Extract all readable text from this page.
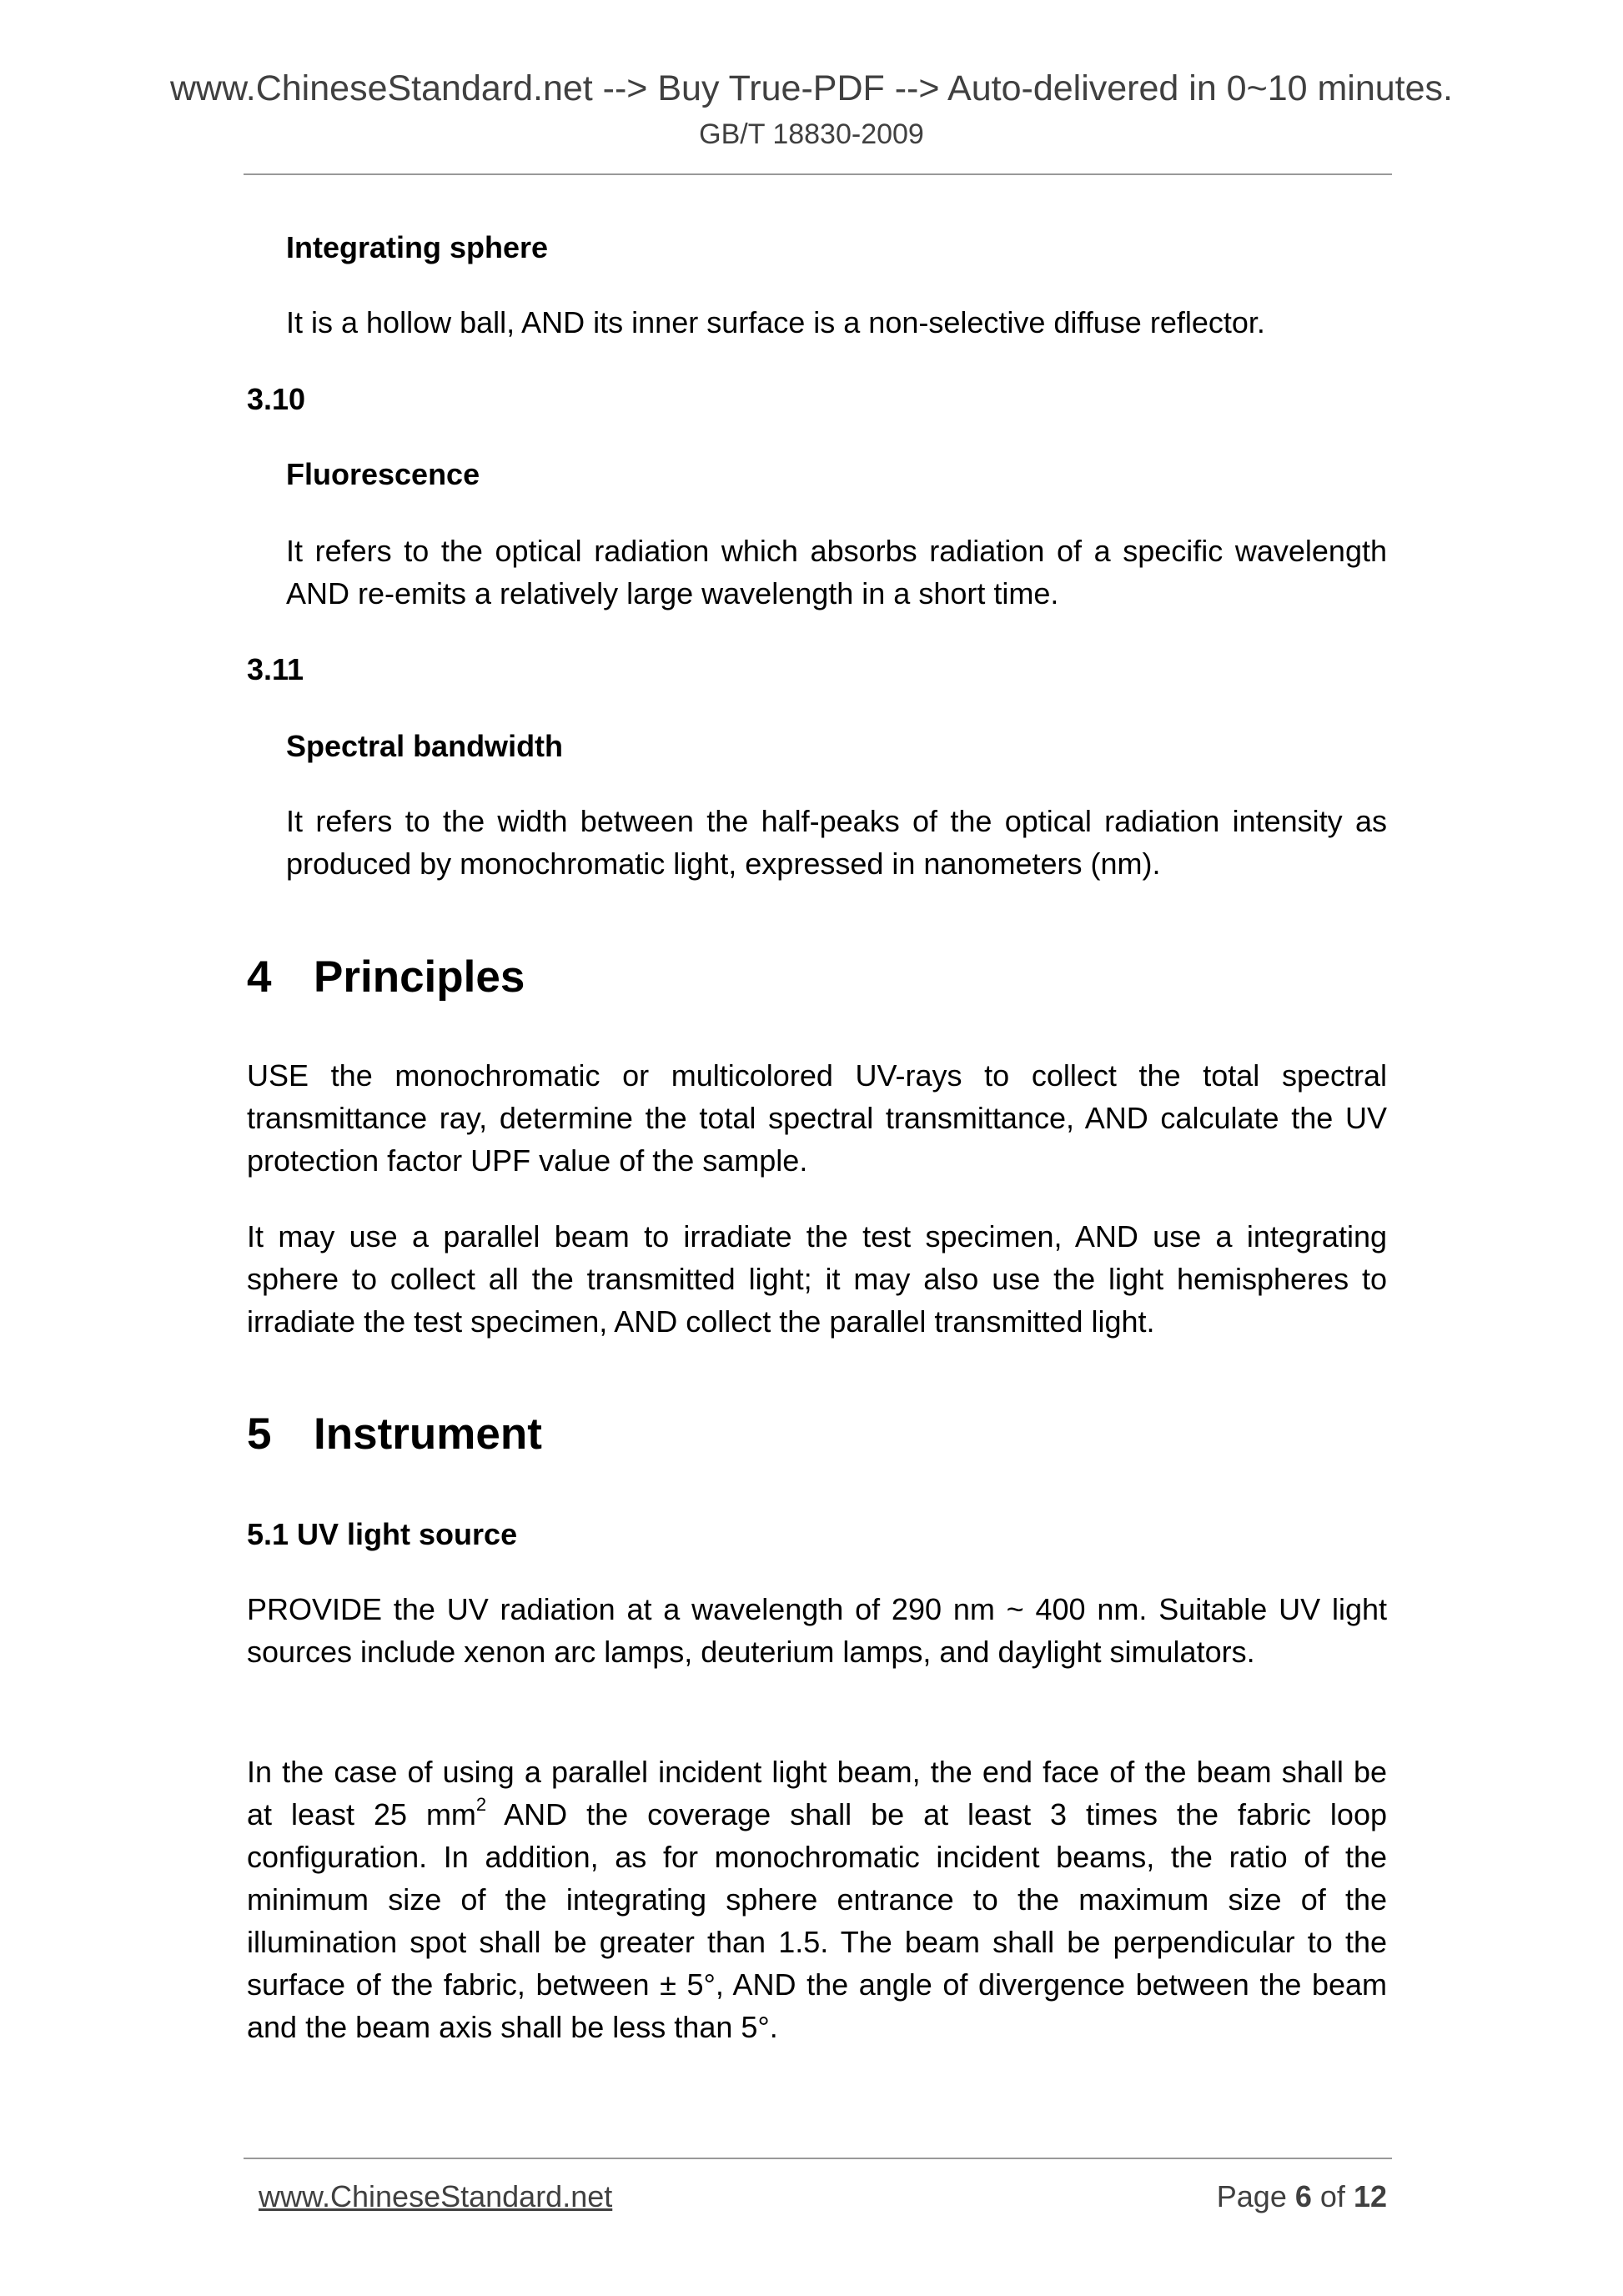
www.ChineseStandard.net --> Buy True-PDF --> Auto-delivered in 0~10 minutes.
GB/T 18830-2009
Integrating sphere
It is a hollow ball, AND its inner surface is a non-selective diffuse reflector.
3.10
Fluorescence
It refers to the optical radiation which absorbs radiation of a specific wavelength AND re-emits a relatively large wavelength in a short time.
3.11
Spectral bandwidth
It refers to the width between the half-peaks of the optical radiation intensity as produced by monochromatic light, expressed in nanometers (nm).
4 Principles
USE the monochromatic or multicolored UV-rays to collect the total spectral transmittance ray, determine the total spectral transmittance, AND calculate the UV protection factor UPF value of the sample.
It may use a parallel beam to irradiate the test specimen, AND use a integrating sphere to collect all the transmitted light; it may also use the light hemispheres to irradiate the test specimen, AND collect the parallel transmitted light.
5 Instrument
5.1 UV light source
PROVIDE the UV radiation at a wavelength of 290 nm ~ 400 nm. Suitable UV light sources include xenon arc lamps, deuterium lamps, and daylight simulators.
In the case of using a parallel incident light beam, the end face of the beam shall be at least 25 $mm^2$ AND the coverage shall be at least 3 times the fabric loop configuration. In addition, as for monochromatic incident beams, the ratio of the minimum size of the integrating sphere entrance to the maximum size of the illumination spot shall be greater than 1.5. The beam shall be perpendicular to the surface of the fabric, between ± 5°, AND the angle of divergence between the beam and the beam axis shall be less than 5°.
www.ChineseStandard.net	Page 6 of 12
